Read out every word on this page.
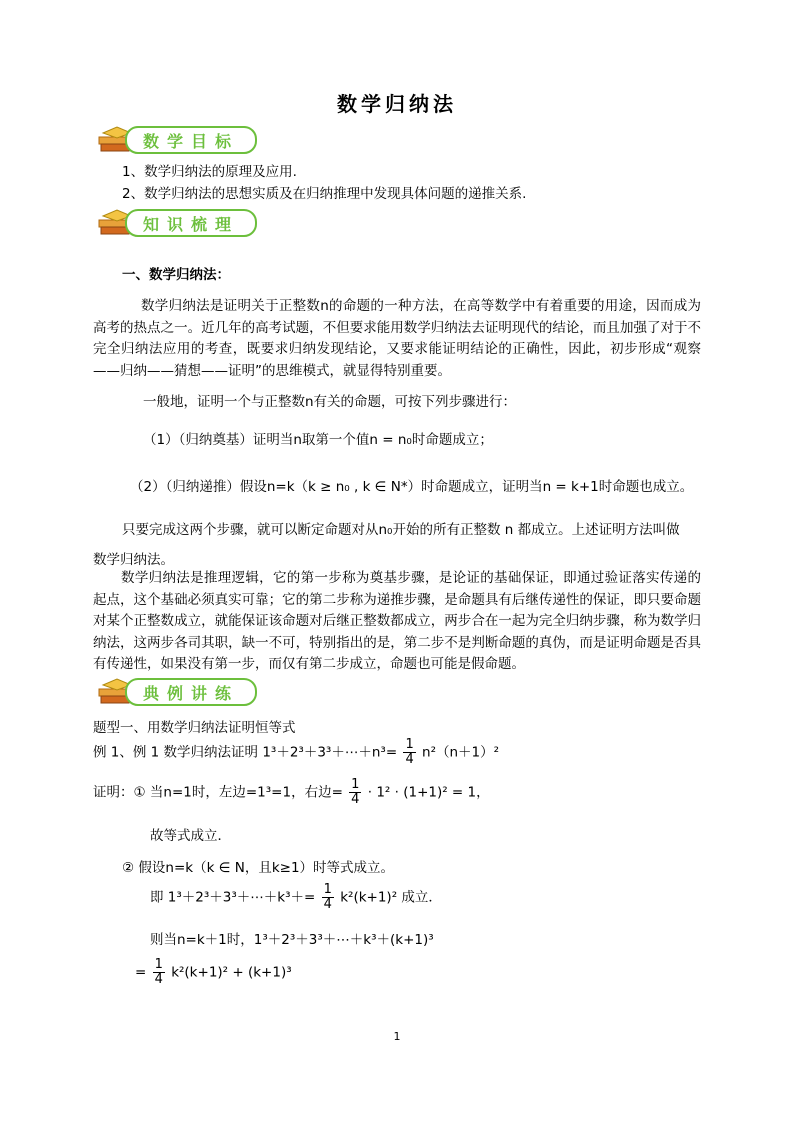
数学归纳法
数学目标
1、数学归纳法的原理及应用.
2、数学归纳法的思想实质及在归纳推理中发现具体问题的递推关系.
知识梳理
一、数学归纳法：
数学归纳法是证明关于正整数n的命题的一种方法，在高等数学中有着重要的用途，因而成为高考的热点之一。近几年的高考试题，不但要求能用数学归纳法去证明现代的结论，而且加强了对于不完全归纳法应用的考查，既要求归纳发现结论，又要求能证明结论的正确性，因此，初步形成“观察——归纳——猜想——证明”的思维模式，就显得特别重要。
一般地，证明一个与正整数n有关的命题，可按下列步骤进行：
（1）（归纳奠基）证明当n取第一个值n = n₀时命题成立；
（2）（归纳递推）假设n=k（k ≥ n₀ , k ∈ N*）时命题成立，证明当n = k+1时命题也成立。
只要完成这两个步骤，就可以断定命题对从n₀开始的所有正整数 n 都成立。上述证明方法叫做
数学归纳法。
数学归纳法是推理逻辑，它的第一步称为奠基步骤，是论证的基础保证，即通过验证落实传递的起点，这个基础必须真实可靠；它的第二步称为递推步骤，是命题具有后继传递性的保证，即只要命题对某个正整数成立，就能保证该命题对后继正整数都成立，两步合在一起为完全归纳步骤，称为数学归纳法，这两步各司其职，缺一不可，特别指出的是，第二步不是判断命题的真伪，而是证明命题是否具有传递性，如果没有第一步，而仅有第二步成立，命题也可能是假命题。
典例讲练
题型一、用数学归纳法证明恒等式
例 1、例 1 数学归纳法证明 1³＋2³＋3³＋⋯＋n³= $\frac{1}{4} n^2(n+1)^2$
证明：① 当n=1时，左边=1³=1，右边= $\frac{1}{4} \cdot 1^2 \cdot (1+1)^2 = 1$，
故等式成立．
② 假设n=k（k ∈ N，且k≥1）时等式成立。
即 1³＋2³＋3³＋⋯＋k³＋= $\frac{1}{4} k^2(k+1)^2$ 成立．
则当n=k＋1时，1³＋2³＋3³＋⋯＋k³＋(k+1)³
= $\frac{1}{4} k^2(k+1)^2 + (k+1)^3$
1
